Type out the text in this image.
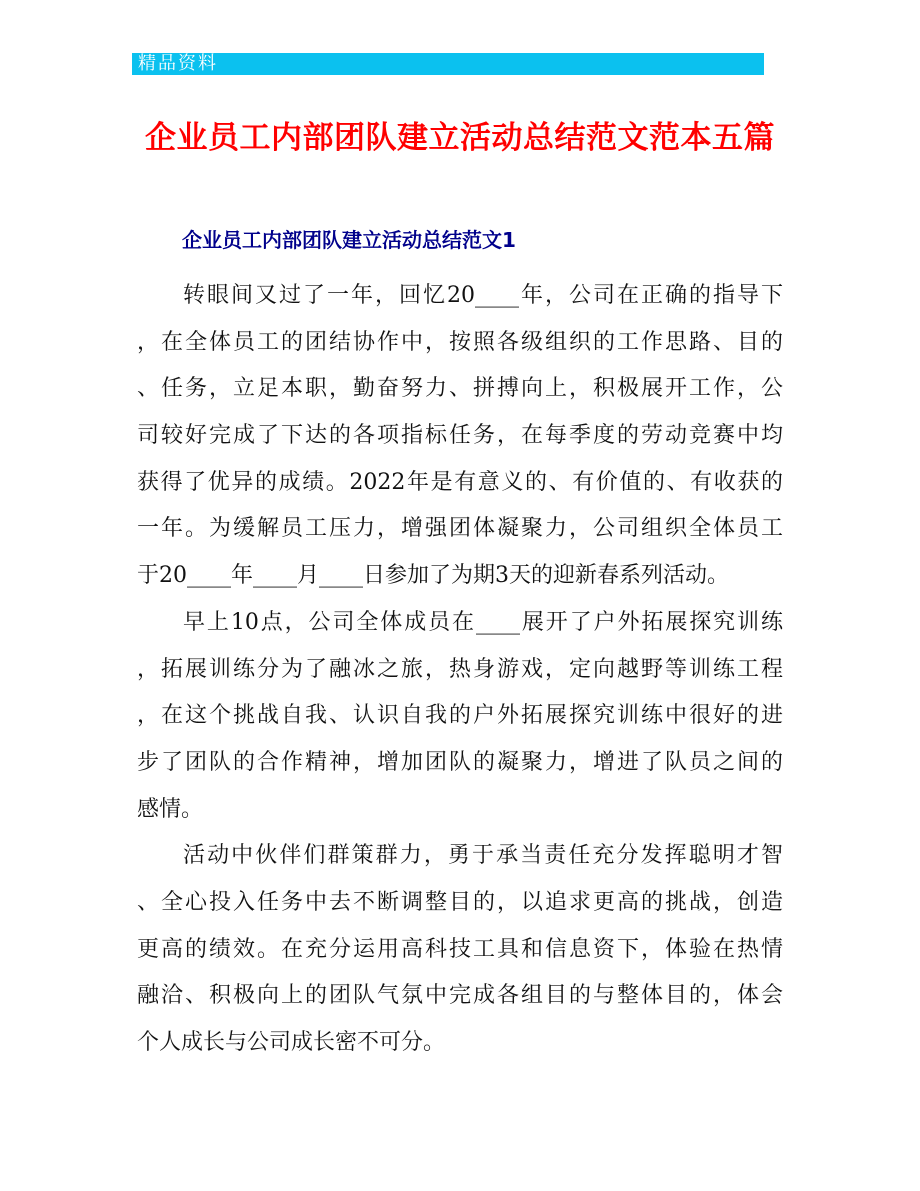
精品资料
企业员工内部团队建立活动总结范文范本五篇
企业员工内部团队建立活动总结范文1
转眼间又过了一年，回忆20____年，公司在正确的指导下
，在全体员工的团结协作中，按照各级组织的工作思路、目的
、任务，立足本职，勤奋努力、拼搏向上，积极展开工作，公
司较好完成了下达的各项指标任务，在每季度的劳动竞赛中均
获得了优异的成绩。2022年是有意义的、有价值的、有收获的
一年。为缓解员工压力，增强团体凝聚力，公司组织全体员工
于20____年____月____日参加了为期3天的迎新春系列活动。
早上10点，公司全体成员在____展开了户外拓展探究训练
，拓展训练分为了融冰之旅，热身游戏，定向越野等训练工程
，在这个挑战自我、认识自我的户外拓展探究训练中很好的进
步了团队的合作精神，增加团队的凝聚力，增进了队员之间的
感情。
活动中伙伴们群策群力，勇于承当责任充分发挥聪明才智
、全心投入任务中去不断调整目的，以追求更高的挑战，创造
更高的绩效。在充分运用高科技工具和信息资下，体验在热情
融洽、积极向上的团队气氛中完成各组目的与整体目的，体会
个人成长与公司成长密不可分。
